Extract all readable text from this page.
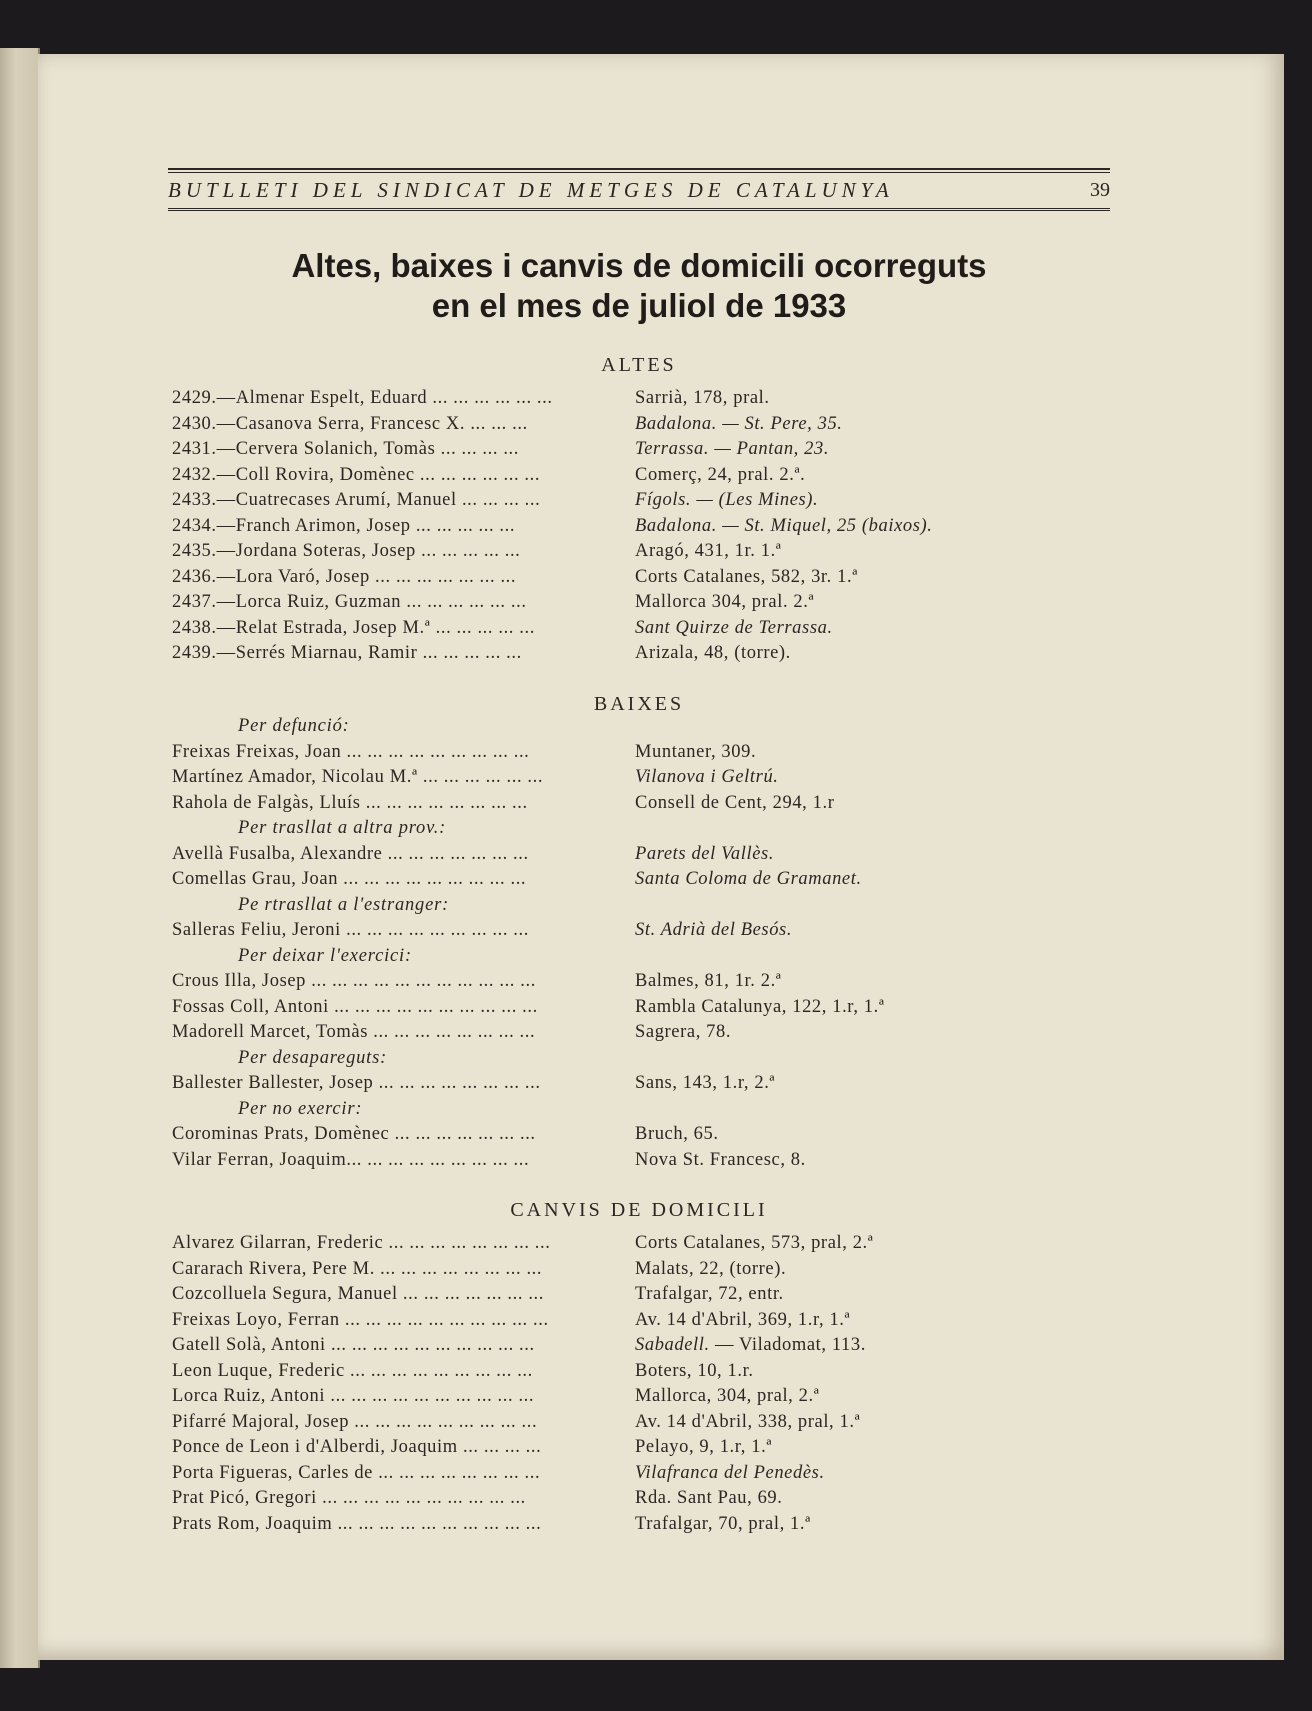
BUTLLETI DEL SINDICAT DE METGES DE CATALUNYA	39
Altes, baixes i canvis de domicili ocorreguts
en el mes de juliol de 1933
ALTES
2429.—Almenar Espelt, Eduard ... ... ... ... ... ...	Sarrià, 178, pral.
2430.—Casanova Serra, Francesc X. ... ... ...	Badalona. — St. Pere, 35.
2431.—Cervera Solanich, Tomàs ... ... ... ...	Terrassa. — Pantan, 23.
2432.—Coll Rovira, Domènec ... ... ... ... ... ...	Comerç, 24, pral. 2.ª.
2433.—Cuatrecases Arumí, Manuel ... ... ... ...	Fígols. — (Les Mines).
2434.—Franch Arimon, Josep ... ... ... ... ...	Badalona. — St. Miquel, 25 (baixos).
2435.—Jordana Soteras, Josep ... ... ... ... ...	Aragó, 431, 1r. 1.ª
2436.—Lora Varó, Josep ... ... ... ... ... ... ...	Corts Catalanes, 582, 3r. 1.ª
2437.—Lorca Ruiz, Guzman ... ... ... ... ... ...	Mallorca 304, pral. 2.ª
2438.—Relat Estrada, Josep M.ª ... ... ... ... ...	Sant Quirze de Terrassa.
2439.—Serrés Miarnau, Ramir ... ... ... ... ...	Arizala, 48, (torre).
BAIXES
Per defunció:
Freixas Freixas, Joan ... ... ... ... ... ... ... ... ...	Muntaner, 309.
Martínez Amador, Nicolau M.ª ... ... ... ... ... ...	Vilanova i Geltrú.
Rahola de Falgàs, Lluís ... ... ... ... ... ... ... ...	Consell de Cent, 294, 1.r
Per trasllat a altra prov.:
Avellà Fusalba, Alexandre ... ... ... ... ... ... ...	Parets del Vallès.
Comellas Grau, Joan ... ... ... ... ... ... ... ... ...	Santa Coloma de Gramanet.
Pe rtrasllat a l'estranger:
Salleras Feliu, Jeroni ... ... ... ... ... ... ... ... ...	St. Adrià del Besós.
Per deixar l'exercici:
Crous Illa, Josep ... ... ... ... ... ... ... ... ... ... ...	Balmes, 81, 1r. 2.ª
Fossas Coll, Antoni ... ... ... ... ... ... ... ... ... ...	Rambla Catalunya, 122, 1.r, 1.ª
Madorell Marcet, Tomàs ... ... ... ... ... ... ... ...	Sagrera, 78.
Per desapareguts:
Ballester Ballester, Josep ... ... ... ... ... ... ... ...	Sans, 143, 1.r, 2.ª
Per no exercir:
Corominas Prats, Domènec ... ... ... ... ... ... ...	Bruch, 65.
Vilar Ferran, Joaquim... ... ... ... ... ... ... ... ...	Nova St. Francesc, 8.
CANVIS DE DOMICILI
Alvarez Gilarran, Frederic ... ... ... ... ... ... ... ...	Corts Catalanes, 573, pral, 2.ª
Cararach Rivera, Pere M. ... ... ... ... ... ... ... ...	Malats, 22, (torre).
Cozcolluela Segura, Manuel ... ... ... ... ... ... ...	Trafalgar, 72, entr.
Freixas Loyo, Ferran ... ... ... ... ... ... ... ... ... ...	Av. 14 d'Abril, 369, 1.r, 1.ª
Gatell Solà, Antoni ... ... ... ... ... ... ... ... ... ...	Sabadell. — Viladomat, 113.
Leon Luque, Frederic ... ... ... ... ... ... ... ... ...	Boters, 10, 1.r.
Lorca Ruiz, Antoni ... ... ... ... ... ... ... ... ... ...	Mallorca, 304, pral, 2.ª
Pifarré Majoral, Josep ... ... ... ... ... ... ... ... ...	Av. 14 d'Abril, 338, pral, 1.ª
Ponce de Leon i d'Alberdi, Joaquim ... ... ... ...	Pelayo, 9, 1.r, 1.ª
Porta Figueras, Carles de ... ... ... ... ... ... ... ...	Vilafranca del Penedès.
Prat Picó, Gregori ... ... ... ... ... ... ... ... ... ...	Rda. Sant Pau, 69.
Prats Rom, Joaquim ... ... ... ... ... ... ... ... ... ...	Trafalgar, 70, pral, 1.ª
